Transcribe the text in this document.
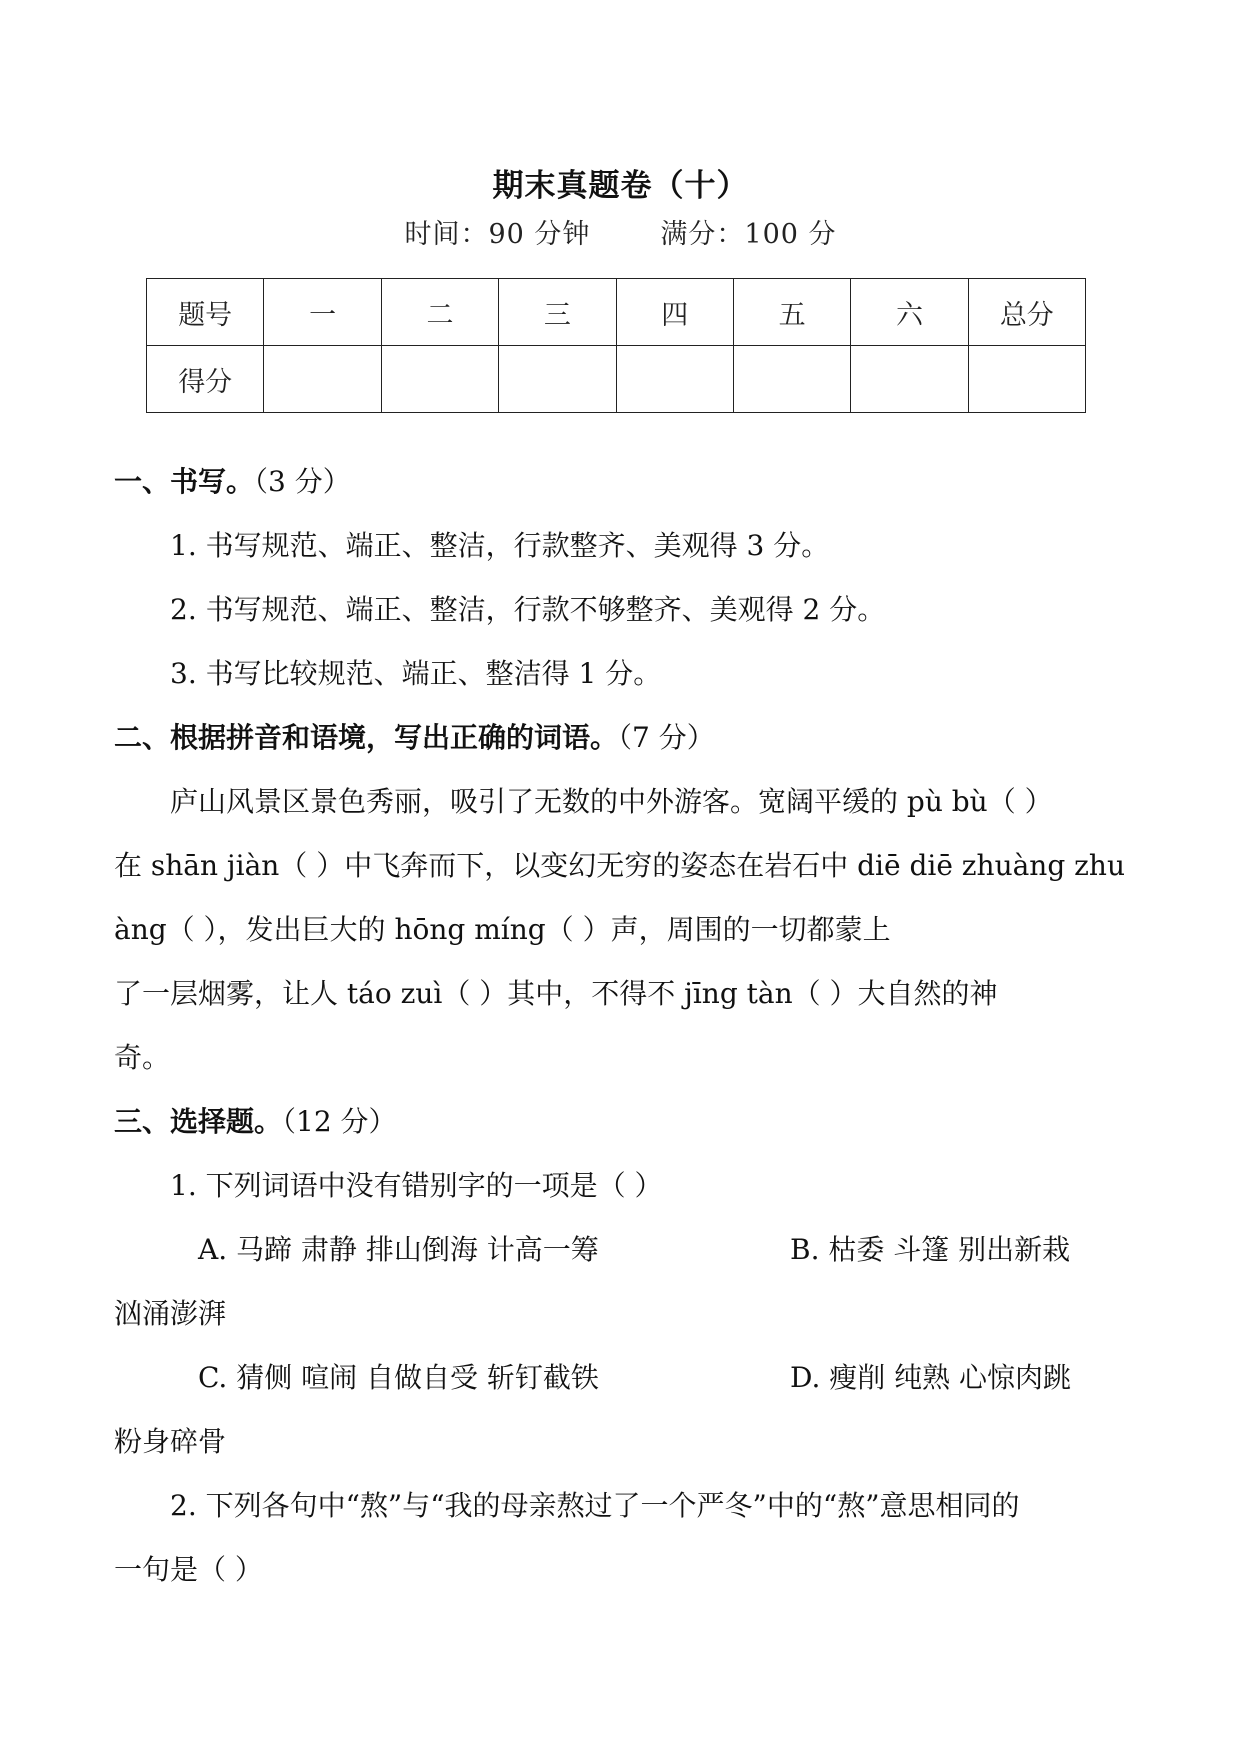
期末真题卷（十）
时间：90 分钟	满分：100 分
题号	一	二	三	四	五	六	总分
得分							
一、书写。（3 分）
1. 书写规范、端正、整洁，行款整齐、美观得 3 分。
2. 书写规范、端正、整洁，行款不够整齐、美观得 2 分。
3. 书写比较规范、端正、整洁得 1 分。
二、根据拼音和语境，写出正确的词语。（7 分）
庐山风景区景色秀丽，吸引了无数的中外游客。宽阔平缓的 pù bù（ ）
在 shān jiàn（ ）中飞奔而下，以变幻无穷的姿态在岩石中 diē diē zhuàng zhu
àng（ ），发出巨大的 hōng míng（ ）声，周围的一切都蒙上
了一层烟雾，让人 táo zuì（ ）其中，不得不 jīng tàn（ ）大自然的神
奇。
三、选择题。（12 分）
1. 下列词语中没有错别字的一项是（ ）
A. 马蹄 肃静 排山倒海 计高一筹	B. 枯委 斗篷 别出新栽
汹涌澎湃
C. 猜侧 喧闹 自做自受 斩钉截铁	D. 瘦削 纯熟 心惊肉跳
粉身碎骨
2. 下列各句中“熬”与“我的母亲熬过了一个严冬”中的“熬”意思相同的
一句是（ ）
